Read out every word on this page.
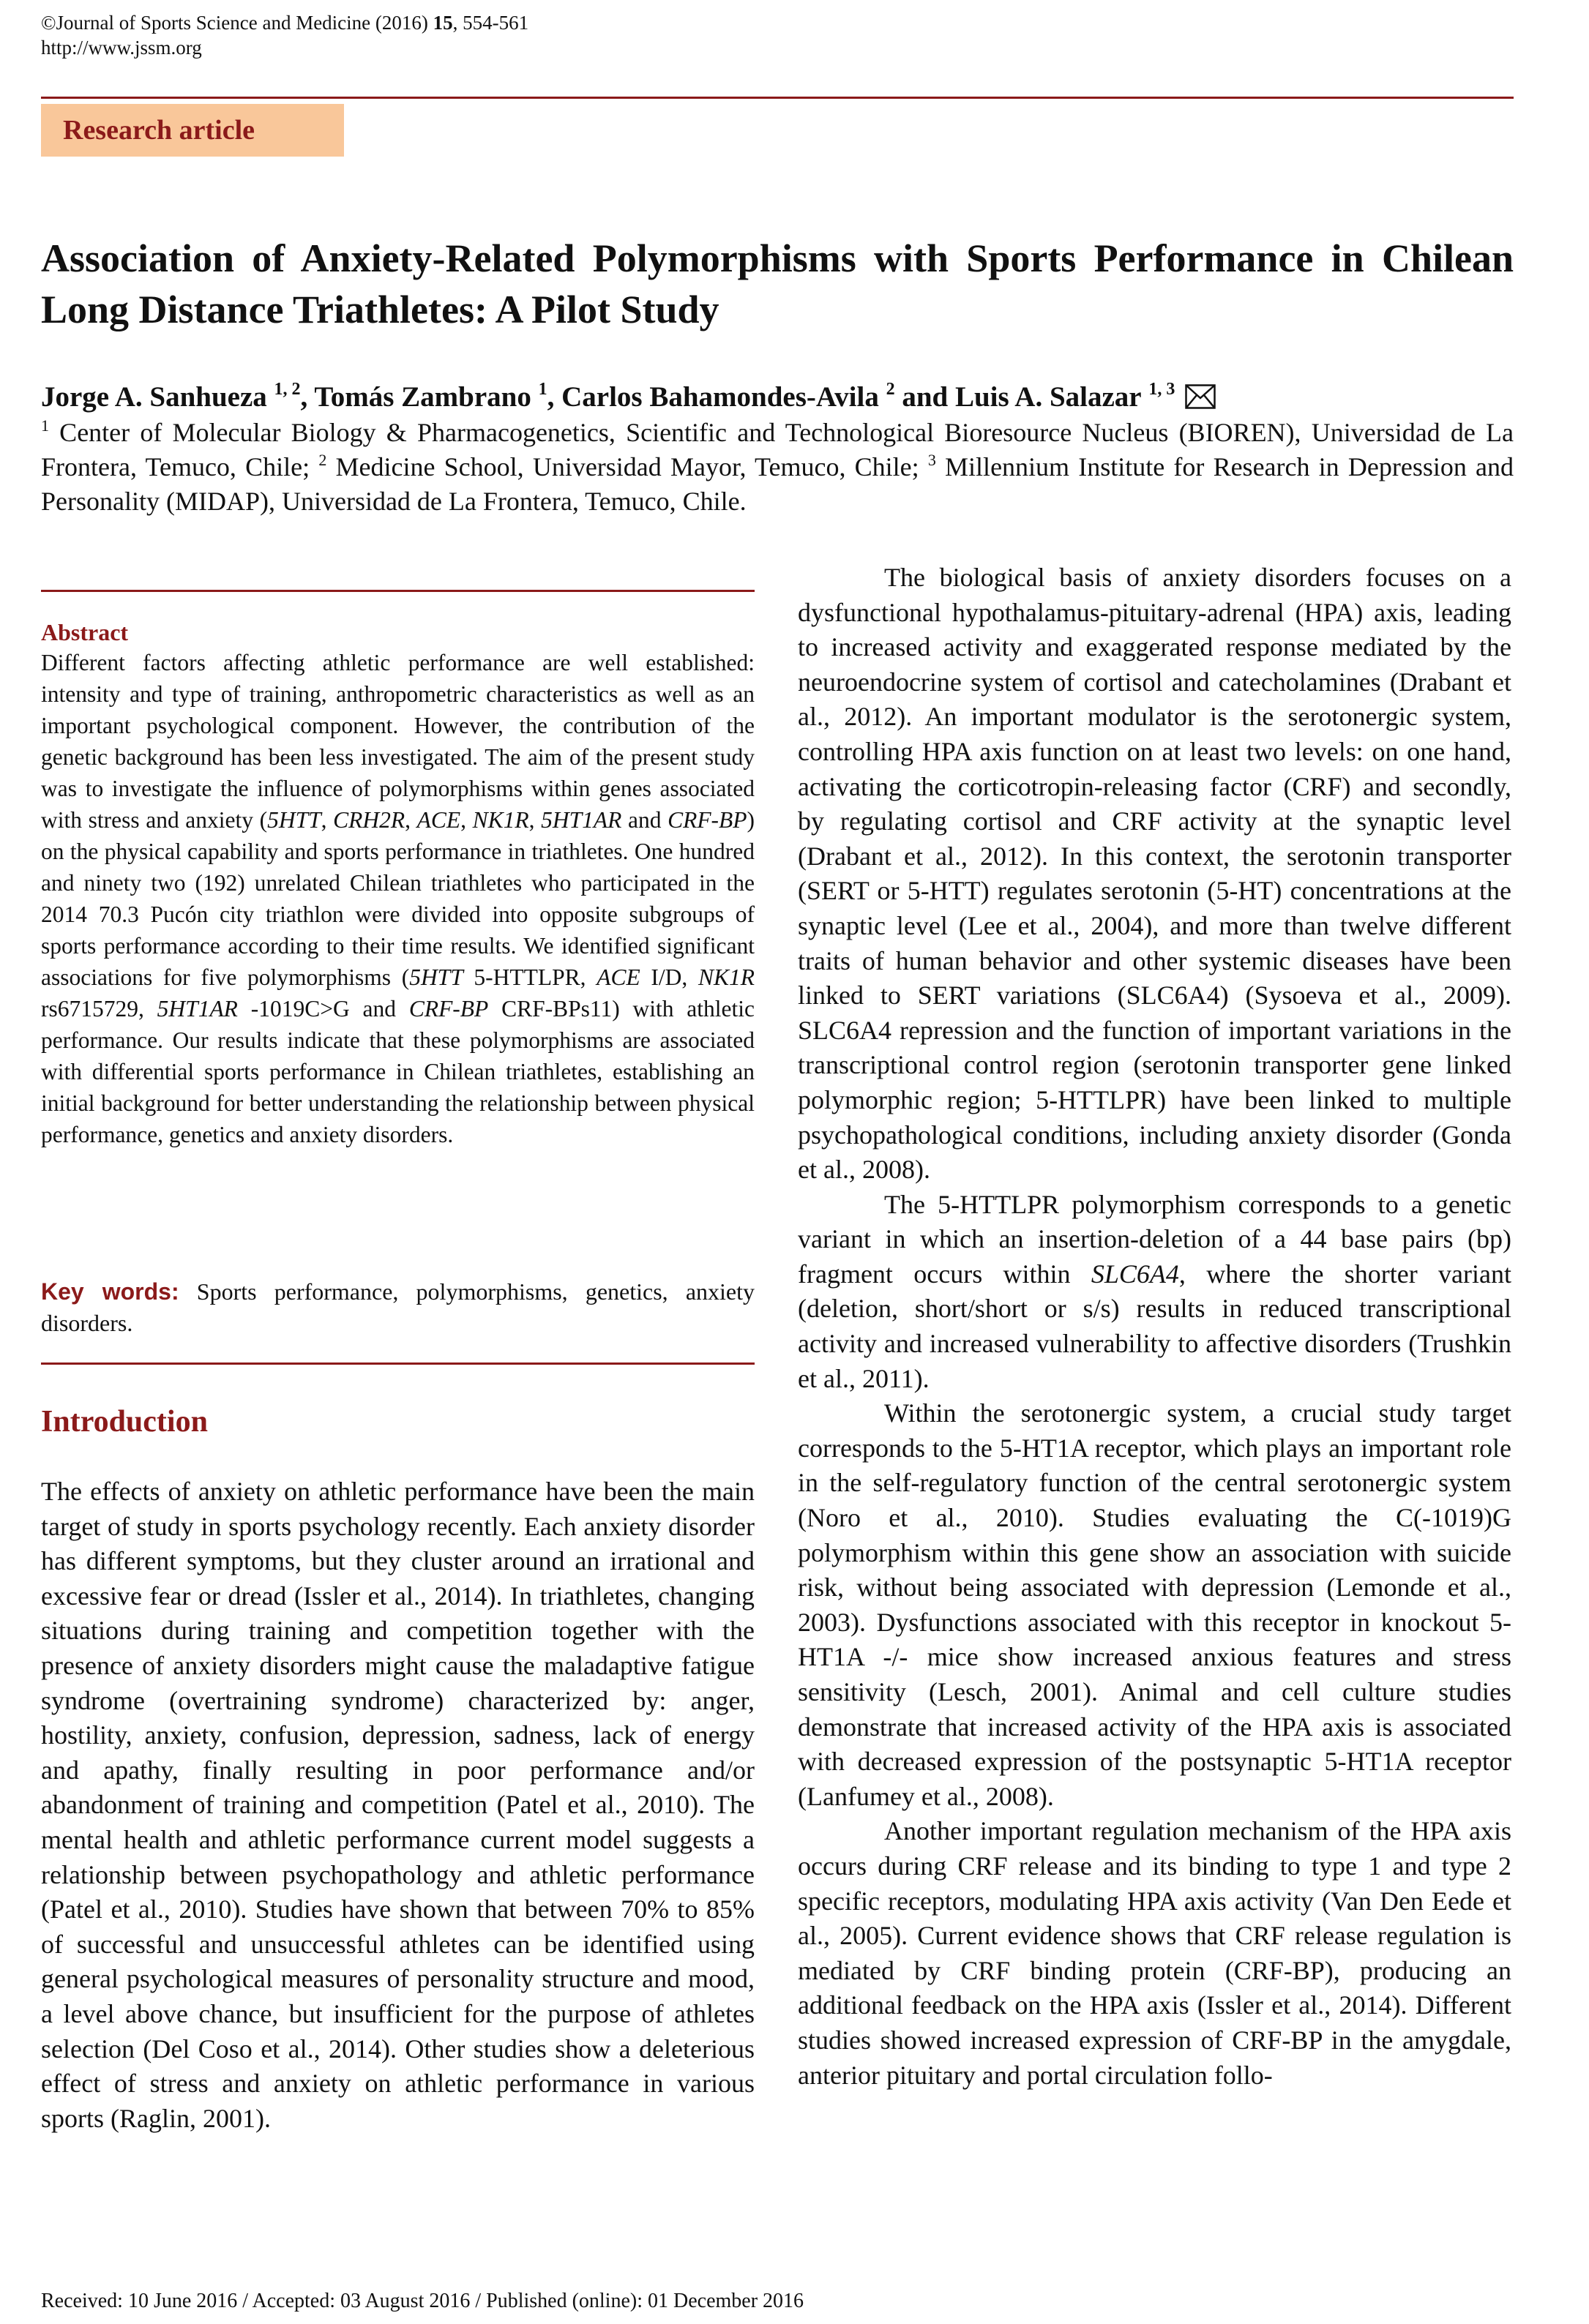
©Journal of Sports Science and Medicine (2016) 15, 554-561
http://www.jssm.org
Research article
Association of Anxiety-Related Polymorphisms with Sports Performance in Chilean Long Distance Triathletes: A Pilot Study
Jorge A. Sanhueza $^{1, 2}$, Tomás Zambrano $^1$, Carlos Bahamondes-Avila $^2$ and Luis A. Salazar $^{1, 3}$
$^1$ Center of Molecular Biology & Pharmacogenetics, Scientific and Technological Bioresource Nucleus (BIOREN), Universidad de La Frontera, Temuco, Chile; $^2$ Medicine School, Universidad Mayor, Temuco, Chile; $^3$ Millennium Institute for Research in Depression and Personality (MIDAP), Universidad de La Frontera, Temuco, Chile.
Abstract

Different factors affecting athletic performance are well established: intensity and type of training, anthropometric characteristics as well as an important psychological component. However, the contribution of the genetic background has been less investigated. The aim of the present study was to investigate the influence of polymorphisms within genes associated with stress and anxiety (5HTT, CRH2R, ACE, NK1R, 5HT1AR and CRF-BP) on the physical capability and sports performance in triathletes. One hundred and ninety two (192) unrelated Chilean triathletes who participated in the 2014 70.3 Pucón city triathlon were divided into opposite subgroups of sports performance according to their time results. We identified significant associations for five polymorphisms (5HTT 5-HTTLPR, ACE I/D, NK1R rs6715729, 5HT1AR -1019C>G and CRF-BP CRF-BPs11) with athletic performance. Our results indicate that these polymorphisms are associated with differential sports performance in Chilean triathletes, establishing an initial background for better understanding the relationship between physical performance, genetics and anxiety disorders.

Key words: Sports performance, polymorphisms, genetics, anxiety disorders.

Introduction

The effects of anxiety on athletic performance have been the main target of study in sports psychology recently. Each anxiety disorder has different symptoms, but they cluster around an irrational and excessive fear or dread (Issler et al., 2014). In triathletes, changing situations during training and competition together with the presence of anxiety disorders might cause the maladaptive fatigue syndrome (overtraining syndrome) characterized by: anger, hostility, anxiety, confusion, depression, sadness, lack of energy and apathy, finally resulting in poor performance and/or abandonment of training and competition (Patel et al., 2010). The mental health and athletic performance current model suggests a relationship between psychopathology and athletic performance (Patel et al., 2010). Studies have shown that between 70% to 85% of successful and unsuccessful athletes can be identified using general psychological measures of personality structure and mood, a level above chance, but insufficient for the purpose of athletes selection (Del Coso et al., 2014). Other studies show a deleterious effect of stress and anxiety on athletic performance in various sports (Raglin, 2001).

The biological basis of anxiety disorders focuses on a dysfunctional hypothalamus-pituitary-adrenal (HPA) axis, leading to increased activity and exaggerated response mediated by the neuroendocrine system of cortisol and catecholamines (Drabant et al., 2012). An important modulator is the serotonergic system, controlling HPA axis function on at least two levels: on one hand, activating the corticotropin-releasing factor (CRF) and secondly, by regulating cortisol and CRF activity at the synaptic level (Drabant et al., 2012). In this context, the serotonin transporter (SERT or 5-HTT) regulates serotonin (5-HT) concentrations at the synaptic level (Lee et al., 2004), and more than twelve different traits of human behavior and other systemic diseases have been linked to SERT variations (SLC6A4) (Sysoeva et al., 2009). SLC6A4 repression and the function of important variations in the transcriptional control region (serotonin transporter gene linked polymorphic region; 5-HTTLPR) have been linked to multiple psychopathological conditions, including anxiety disorder (Gonda et al., 2008).

The 5-HTTLPR polymorphism corresponds to a genetic variant in which an insertion-deletion of a 44 base pairs (bp) fragment occurs within SLC6A4, where the shorter variant (deletion, short/short or s/s) results in reduced transcriptional activity and increased vulnerability to affective disorders (Trushkin et al., 2011).

Within the serotonergic system, a crucial study target corresponds to the 5-HT1A receptor, which plays an important role in the self-regulatory function of the central serotonergic system (Noro et al., 2010). Studies evaluating the C(-1019)G polymorphism within this gene show an association with suicide risk, without being associated with depression (Lemonde et al., 2003). Dysfunctions associated with this receptor in knockout 5-HT1A -/- mice show increased anxious features and stress sensitivity (Lesch, 2001). Animal and cell culture studies demonstrate that increased activity of the HPA axis is associated with decreased expression of the postsynaptic 5-HT1A receptor (Lanfumey et al., 2008).

Another important regulation mechanism of the HPA axis occurs during CRF release and its binding to type 1 and type 2 specific receptors, modulating HPA axis activity (Van Den Eede et al., 2005). Current evidence shows that CRF release regulation is mediated by CRF binding protein (CRF-BP), producing an additional feedback on the HPA axis (Issler et al., 2014). Different studies showed increased expression of CRF-BP in the amygdale, anterior pituitary and portal circulation follo-

Received: 10 June 2016 / Accepted: 03 August 2016 / Published (online): 01 December 2016
